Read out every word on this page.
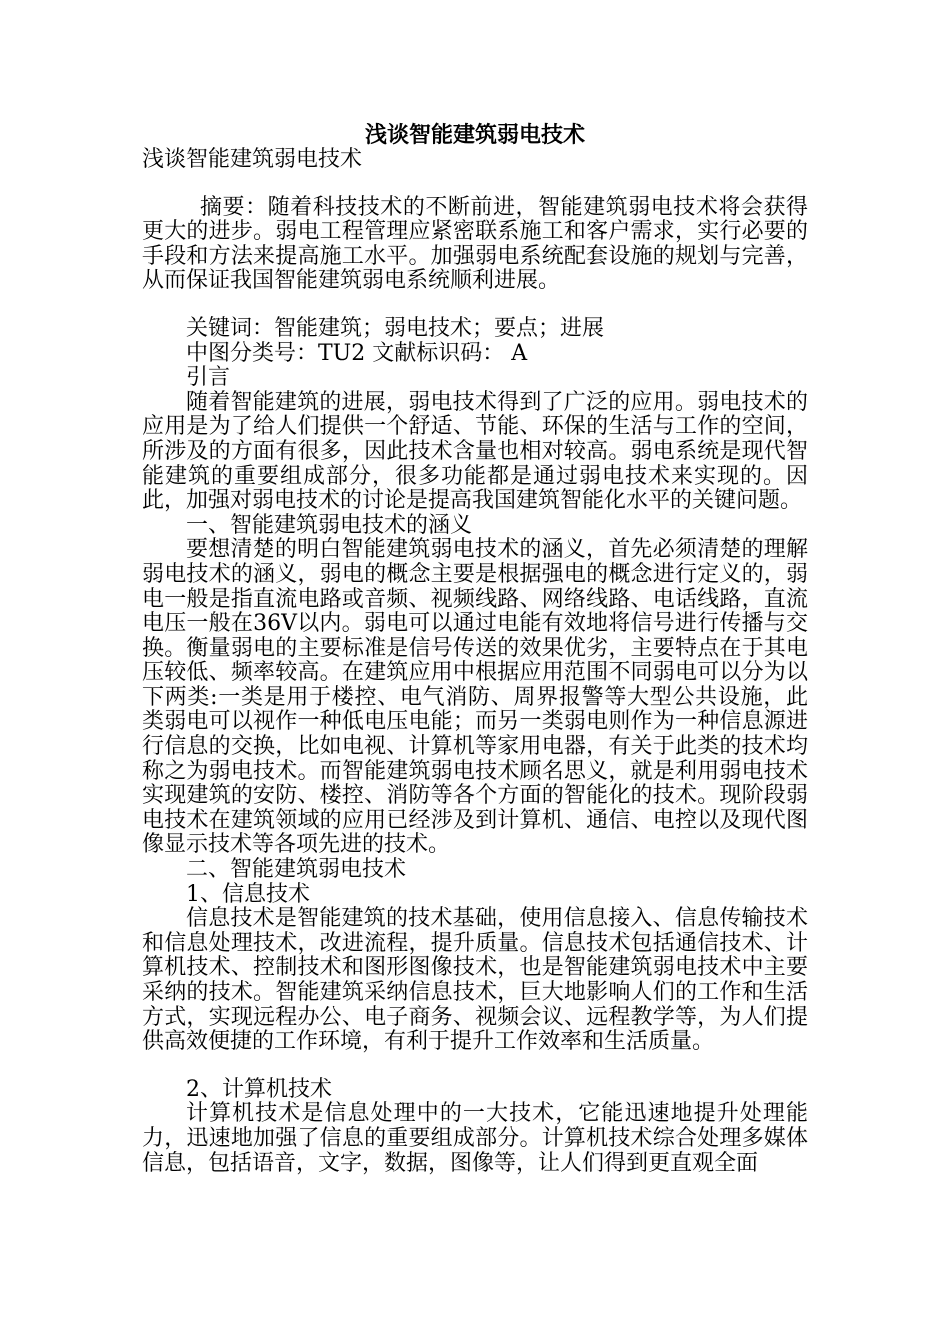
浅谈智能建筑弱电技术

浅谈智能建筑弱电技术

摘要：随着科技技术的不断前进，智能建筑弱电技术将会获得更大的进步。弱电工程管理应紧密联系施工和客户需求，实行必要的手段和方法来提高施工水平。加强弱电系统配套设施的规划与完善，从而保证我国智能建筑弱电系统顺利进展。

关键词：智能建筑；弱电技术；要点；进展

中图分类号：TU2 文献标识码： A

引言

随着智能建筑的进展，弱电技术得到了广泛的应用。弱电技术的应用是为了给人们提供一个舒适、节能、环保的生活与工作的空间，所涉及的方面有很多，因此技术含量也相对较高。弱电系统是现代智能建筑的重要组成部分，很多功能都是通过弱电技术来实现的。因此，加强对弱电技术的讨论是提高我国建筑智能化水平的关键问题。

一、智能建筑弱电技术的涵义

要想清楚的明白智能建筑弱电技术的涵义，首先必须清楚的理解弱电技术的涵义，弱电的概念主要是根据强电的概念进行定义的，弱电一般是指直流电路或音频、视频线路、网络线路、电话线路，直流电压一般在36V以内。弱电可以通过电能有效地将信号进行传播与交换。衡量弱电的主要标准是信号传送的效果优劣，主要特点在于其电压较低、频率较高。在建筑应用中根据应用范围不同弱电可以分为以下两类:一类是用于楼控、电气消防、周界报警等大型公共设施，此类弱电可以视作一种低电压电能；而另一类弱电则作为一种信息源进行信息的交换，比如电视、计算机等家用电器，有关于此类的技术均称之为弱电技术。而智能建筑弱电技术顾名思义，就是利用弱电技术实现建筑的安防、楼控、消防等各个方面的智能化的技术。现阶段弱电技术在建筑领域的应用已经涉及到计算机、通信、电控以及现代图像显示技术等各项先进的技术。

二、智能建筑弱电技术

1、信息技术

信息技术是智能建筑的技术基础，使用信息接入、信息传输技术和信息处理技术，改进流程，提升质量。信息技术包括通信技术、计算机技术、控制技术和图形图像技术，也是智能建筑弱电技术中主要采纳的技术。智能建筑采纳信息技术，巨大地影响人们的工作和生活方式，实现远程办公、电子商务、视频会议、远程教学等，为人们提供高效便捷的工作环境，有利于提升工作效率和生活质量。

2、计算机技术

计算机技术是信息处理中的一大技术，它能迅速地提升处理能力，迅速地加强了信息的重要组成部分。计算机技术综合处理多媒体信息，包括语音，文字，数据，图像等，让人们得到更直观全面
